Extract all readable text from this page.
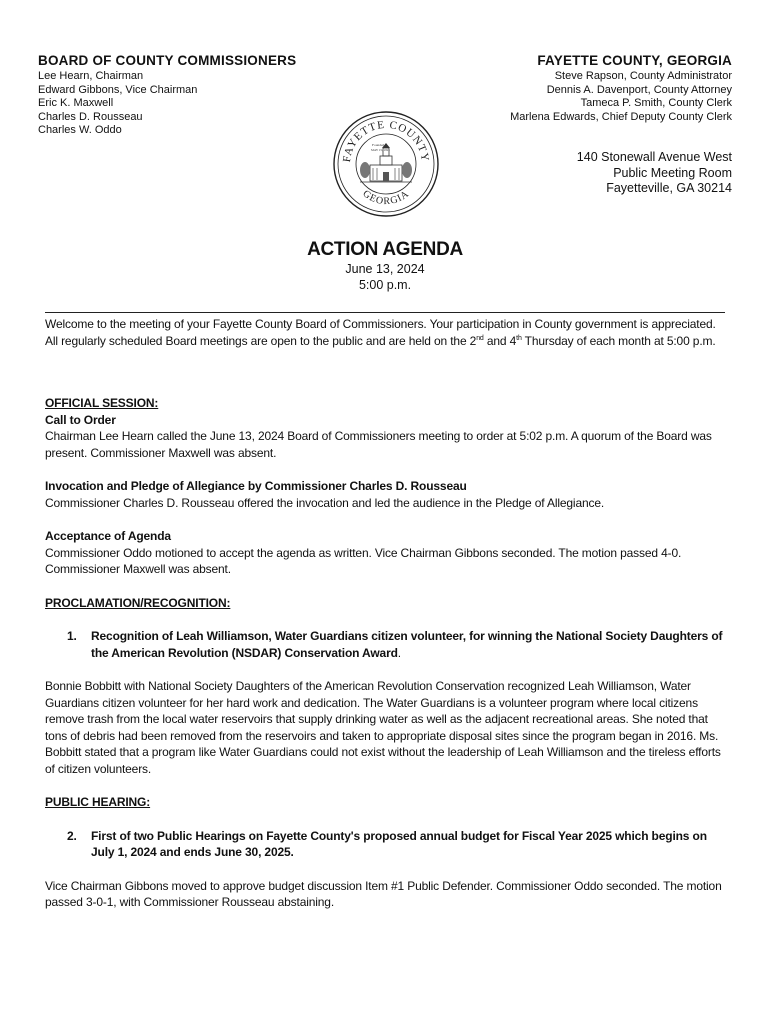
BOARD OF COUNTY COMMISSIONERS
Lee Hearn, Chairman
Edward Gibbons, Vice Chairman
Eric K. Maxwell
Charles D. Rousseau
Charles W. Oddo
FAYETTE COUNTY, GEORGIA
Steve Rapson, County Administrator
Dennis A. Davenport, County Attorney
Tameca P. Smith, County Clerk
Marlena Edwards, Chief Deputy County Clerk
FAYETTE COUNTY
GEORGIA
Founded
MAY 15, 1821	140 Stonewall Avenue West
Public Meeting Room
Fayetteville, GA 30214
ACTION AGENDA
June 13, 2024
5:00 p.m.

Welcome to the meeting of your Fayette County Board of Commissioners. Your participation in County government is appreciated. All regularly scheduled Board meetings are open to the public and are held on the 2nd and 4th Thursday of each month at 5:00 p.m.

OFFICIAL SESSION:

Call to Order

Chairman Lee Hearn called the June 13, 2024 Board of Commissioners meeting to order at 5:02 p.m. A quorum of the Board was present. Commissioner Maxwell was absent.

Invocation and Pledge of Allegiance by Commissioner Charles D. Rousseau

Commissioner Charles D. Rousseau offered the invocation and led the audience in the Pledge of Allegiance.

Acceptance of Agenda

Commissioner Oddo motioned to accept the agenda as written. Vice Chairman Gibbons seconded. The motion passed 4-0. Commissioner Maxwell was absent.

PROCLAMATION/RECOGNITION:

1.	Recognition of Leah Williamson, Water Guardians citizen volunteer, for winning the National Society Daughters of the American Revolution (NSDAR) Conservation Award.

Bonnie Bobbitt with National Society Daughters of the American Revolution Conservation recognized Leah Williamson, Water Guardians citizen volunteer for her hard work and dedication. The Water Guardians is a volunteer program where local citizens remove trash from the local water reservoirs that supply drinking water as well as the adjacent recreational areas. She noted that tons of debris had been removed from the reservoirs and taken to appropriate disposal sites since the program began in 2016. Ms. Bobbitt stated that a program like Water Guardians could not exist without the leadership of Leah Williamson and the tireless efforts of citizen volunteers.

PUBLIC HEARING:

2.	First of two Public Hearings on Fayette County's proposed annual budget for Fiscal Year 2025 which begins on July 1, 2024 and ends June 30, 2025.

Vice Chairman Gibbons moved to approve budget discussion Item #1 Public Defender. Commissioner Oddo seconded. The motion passed 3-0-1, with Commissioner Rousseau abstaining.
